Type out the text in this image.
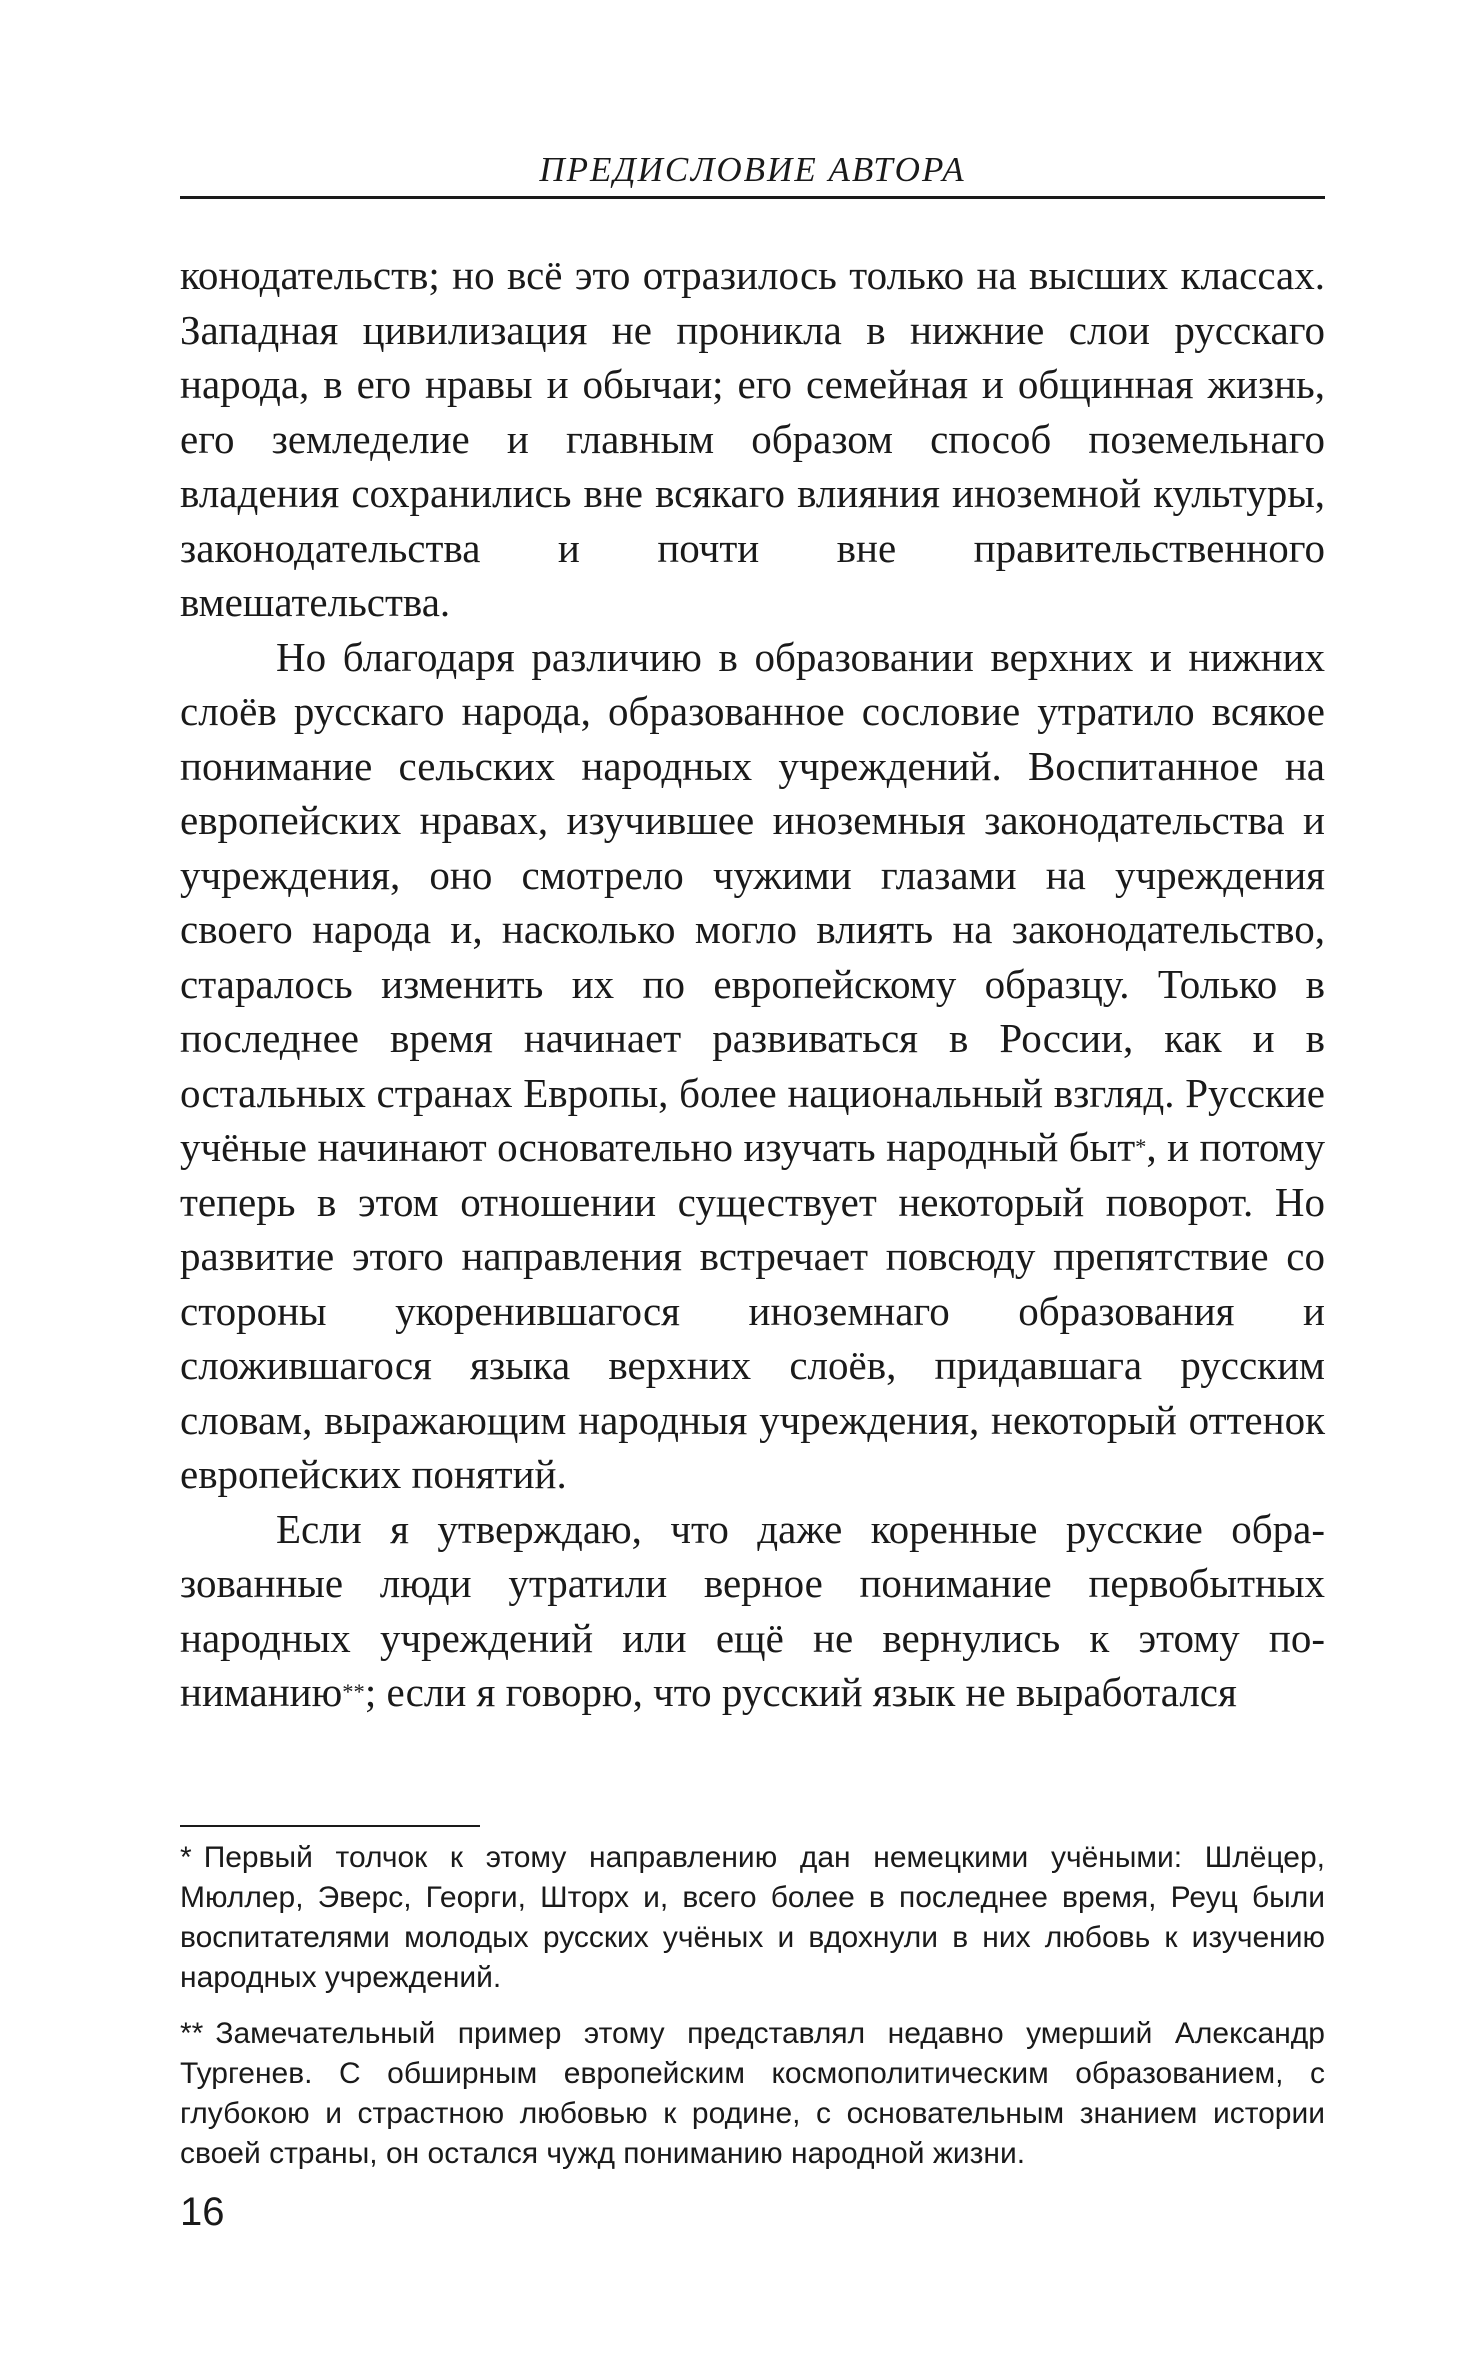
ПРЕДИСЛОВИЕ АВТОРА

конодательств; но всё это отразилось только на высших классах. Западная цивилизация не проникла в нижние слои русскаго народа, в его нравы и обычаи; его семейная и общинная жизнь, его земледелие и главным образом способ поземельнаго владения сохранились вне всякаго влияния иноземной культуры, законодательства и почти вне правительственного вмешательства.

Но благодаря различию в образовании верхних и нижних слоёв русскаго народа, образованное сословие утратило всякое понимание сельских народных учреждений. Воспитанное на европейских нравах, изучившее иноземныя законодательства и учреждения, оно смотрело чужими глазами на учреждения своего народа и, насколько могло влиять на законодательство, старалось изменить их по европейскому образцу. Только в последнее время начинает развиваться в России, как и в остальных странах Европы, более национальный взгляд. Русские учёные начинают основательно изучать народный быт*, и потому теперь в этом отношении существует некоторый поворот. Но развитие этого направления встречает повсюду препятствие со стороны укоренившагося иноземнаго образования и сложившагося языка верхних слоёв, придавшага русским словам, выражающим народныя учреждения, некоторый оттенок европейских понятий.

Если я утверждаю, что даже коренные русские образованные люди утратили верное понимание первобытных народных учреждений или ещё не вернулись к этому пониманию**; если я говорю, что русский язык не выработался

* Первый толчок к этому направлению дан немецкими учёными: Шлёцер, Мюллер, Эверс, Георги, Шторх и, всего более в последнее время, Реуц были воспитателями молодых русских учёных и вдохнули в них любовь к изучению народных учреждений.

** Замечательный пример этому представлял недавно умерший Александр Тургенев. С обширным европейским космополитическим образованием, с глубокою и страстною любовью к родине, с основательным знанием истории своей страны, он остался чужд пониманию народной жизни.

16
